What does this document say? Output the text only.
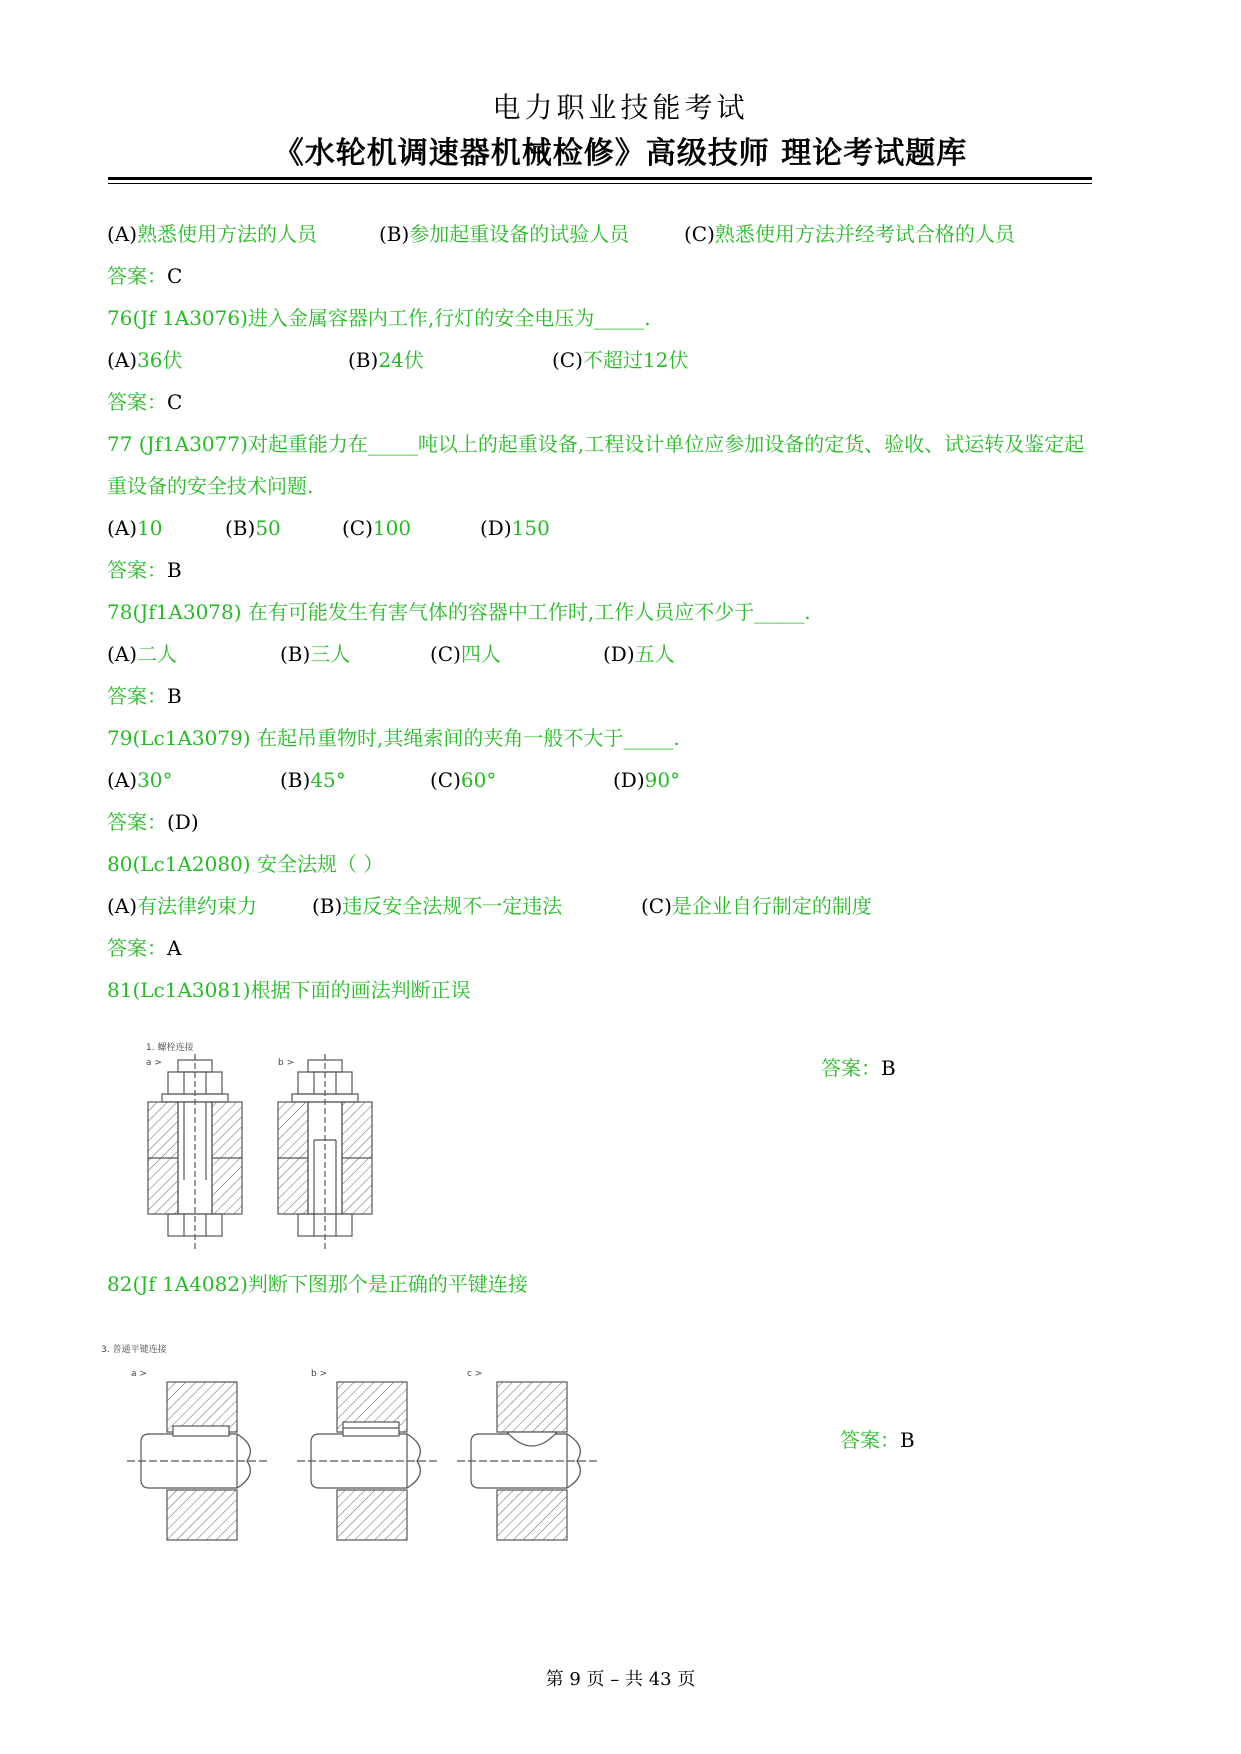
电力职业技能考试
《水轮机调速器机械检修》高级技师 理论考试题库
(A)熟悉使用方法的人员	(B)参加起重设备的试验人员	(C)熟悉使用方法并经考试合格的人员
答案：C
76(Jf 1A3076)进入金属容器内工作,行灯的安全电压为_____.
(A)36伏	(B)24伏	(C)不超过12伏
答案：C
77 (Jf1A3077)对起重能力在_____吨以上的起重设备,工程设计单位应参加设备的定货、验收、试运转及鉴定起
重设备的安全技术问题.
(A)10	(B)50	(C)100	(D)150
答案：B
78(Jf1A3078) 在有可能发生有害气体的容器中工作时,工作人员应不少于_____.
(A)二人	(B)三人	(C)四人	(D)五人
答案：B
79(Lc1A3079) 在起吊重物时,其绳索间的夹角一般不大于_____.
(A)30°	(B)45°	(C)60°	(D)90°
答案：(D)
80(Lc1A2080) 安全法规（ ）
(A)有法律约束力	(B)违反安全法规不一定违法	(C)是企业自行制定的制度
答案：A
81(Lc1A3081)根据下面的画法判断正误
1. 螺栓连接
a >	b >	答案：B
82(Jf 1A4082)判断下图那个是正确的平键连接
3. 普通平键连接
a >	b >	c >
答案：B
第 9 页 – 共 43 页
